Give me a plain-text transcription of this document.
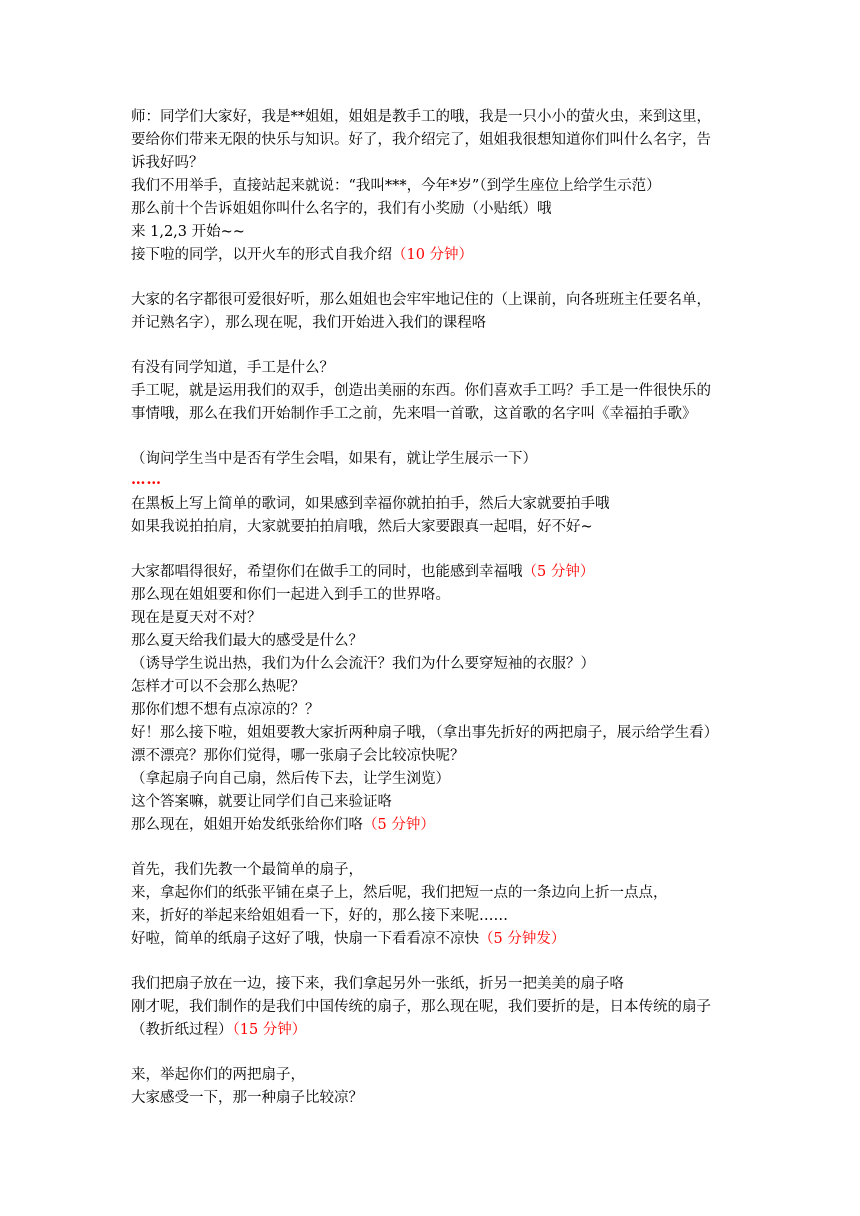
师：同学们大家好，我是**姐姐，姐姐是教手工的哦，我是一只小小的萤火虫，来到这里，
要给你们带来无限的快乐与知识。好了，我介绍完了，姐姐我很想知道你们叫什么名字，告
诉我好吗？
我们不用举手，直接站起来就说：“我叫***，今年*岁”（到学生座位上给学生示范）
那么前十个告诉姐姐你叫什么名字的，我们有小奖励（小贴纸）哦
来 1,2,3 开始~~
接下啦的同学，以开火车的形式自我介绍（10 分钟）
大家的名字都很可爱很好听，那么姐姐也会牢牢地记住的（上课前，向各班班主任要名单，
并记熟名字），那么现在呢，我们开始进入我们的课程咯
有没有同学知道，手工是什么？
手工呢，就是运用我们的双手，创造出美丽的东西。你们喜欢手工吗？手工是一件很快乐的
事情哦，那么在我们开始制作手工之前，先来唱一首歌，这首歌的名字叫《幸福拍手歌》
（询问学生当中是否有学生会唱，如果有，就让学生展示一下）
……
在黑板上写上简单的歌词，如果感到幸福你就拍拍手，然后大家就要拍手哦
如果我说拍拍肩，大家就要拍拍肩哦，然后大家要跟真一起唱，好不好~
大家都唱得很好，希望你们在做手工的同时，也能感到幸福哦（5 分钟）
那么现在姐姐要和你们一起进入到手工的世界咯。
现在是夏天对不对？
那么夏天给我们最大的感受是什么？
（诱导学生说出热，我们为什么会流汗？我们为什么要穿短袖的衣服？）
怎样才可以不会那么热呢？
那你们想不想有点凉凉的？？
好！那么接下啦，姐姐要教大家折两种扇子哦，（拿出事先折好的两把扇子，展示给学生看）
漂不漂亮？那你们觉得，哪一张扇子会比较凉快呢？
（拿起扇子向自己扇，然后传下去，让学生浏览）
这个答案嘛，就要让同学们自己来验证咯
那么现在，姐姐开始发纸张给你们咯（5 分钟）
首先，我们先教一个最简单的扇子，
来，拿起你们的纸张平铺在桌子上，然后呢，我们把短一点的一条边向上折一点点，
来，折好的举起来给姐姐看一下，好的，那么接下来呢……
好啦，简单的纸扇子这好了哦，快扇一下看看凉不凉快（5 分钟发）
我们把扇子放在一边，接下来，我们拿起另外一张纸，折另一把美美的扇子咯
刚才呢，我们制作的是我们中国传统的扇子，那么现在呢，我们要折的是，日本传统的扇子
（教折纸过程）（15 分钟）
来，举起你们的两把扇子，
大家感受一下，那一种扇子比较凉？
